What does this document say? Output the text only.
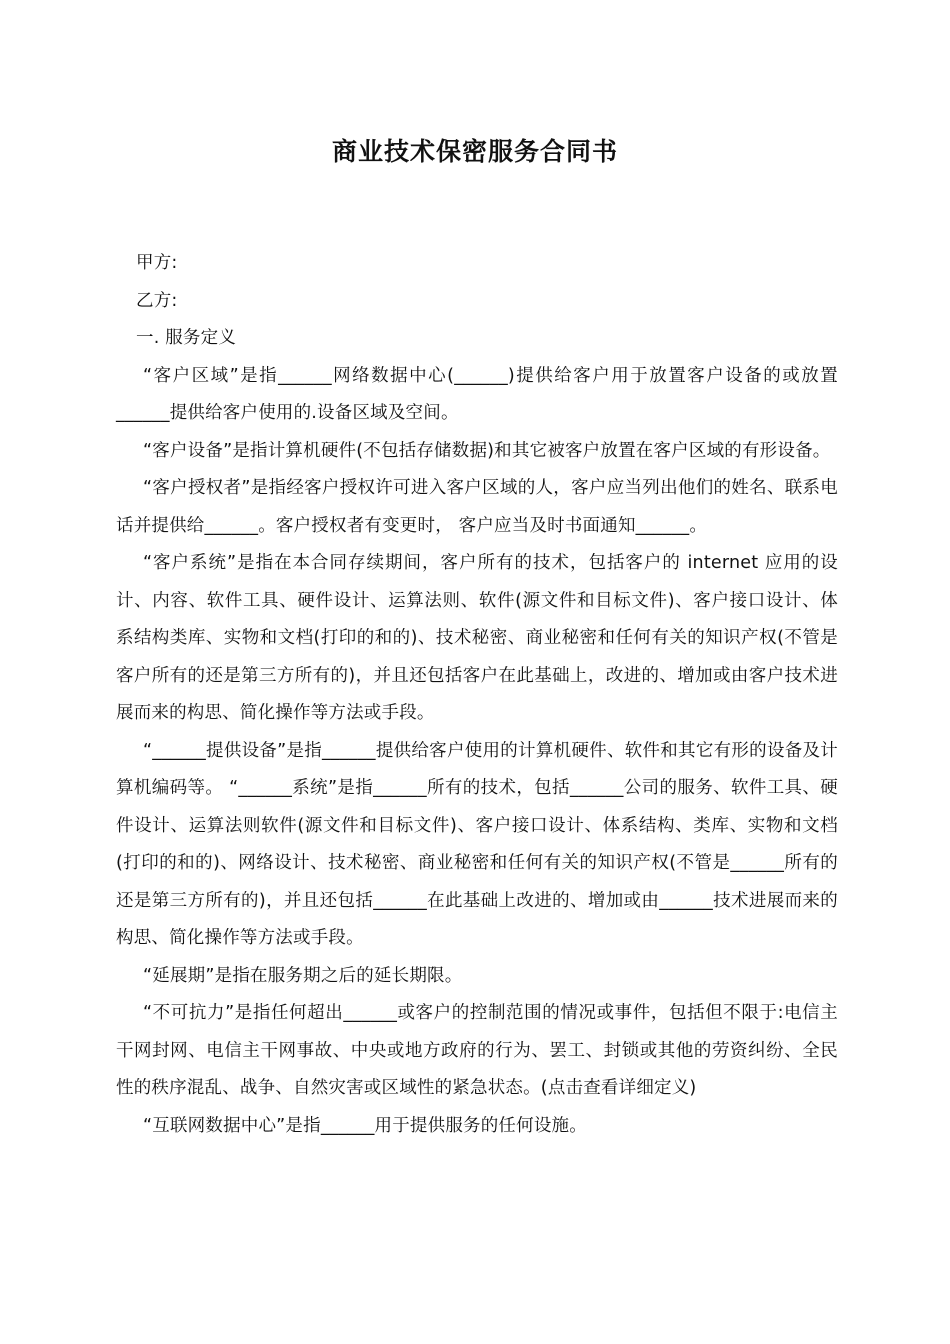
商业技术保密服务合同书
甲方:
乙方:
一. 服务定义

“客户区域”是指______网络数据中心(______)提供给客户用于放置客户设备的或放置______提供给客户使用的.设备区域及空间。

“客户设备”是指计算机硬件(不包括存储数据)和其它被客户放置在客户区域的有形设备。

“客户授权者”是指经客户授权许可进入客户区域的人，客户应当列出他们的姓名、联系电话并提供给______。客户授权者有变更时， 客户应当及时书面通知______。

“客户系统”是指在本合同存续期间，客户所有的技术，包括客户的 internet 应用的设计、内容、软件工具、硬件设计、运算法则、软件(源文件和目标文件)、客户接口设计、体系结构类库、实物和文档(打印的和的)、技术秘密、商业秘密和任何有关的知识产权(不管是客户所有的还是第三方所有的)，并且还包括客户在此基础上，改进的、增加或由客户技术进展而来的构思、简化操作等方法或手段。

“______提供设备”是指______提供给客户使用的计算机硬件、软件和其它有形的设备及计算机编码等。 “______系统”是指______所有的技术，包括______公司的服务、软件工具、硬件设计、运算法则软件(源文件和目标文件)、客户接口设计、体系结构、类库、实物和文档(打印的和的)、网络设计、技术秘密、商业秘密和任何有关的知识产权(不管是______所有的还是第三方所有的)，并且还包括______在此基础上改进的、增加或由______技术进展而来的构思、简化操作等方法或手段。

“延展期”是指在服务期之后的延长期限。

“不可抗力”是指任何超出______或客户的控制范围的情况或事件，包括但不限于:电信主干网封网、电信主干网事故、中央或地方政府的行为、罢工、封锁或其他的劳资纠纷、全民性的秩序混乱、战争、自然灾害或区域性的紧急状态。(点击查看详细定义)

“互联网数据中心”是指______用于提供服务的任何设施。
